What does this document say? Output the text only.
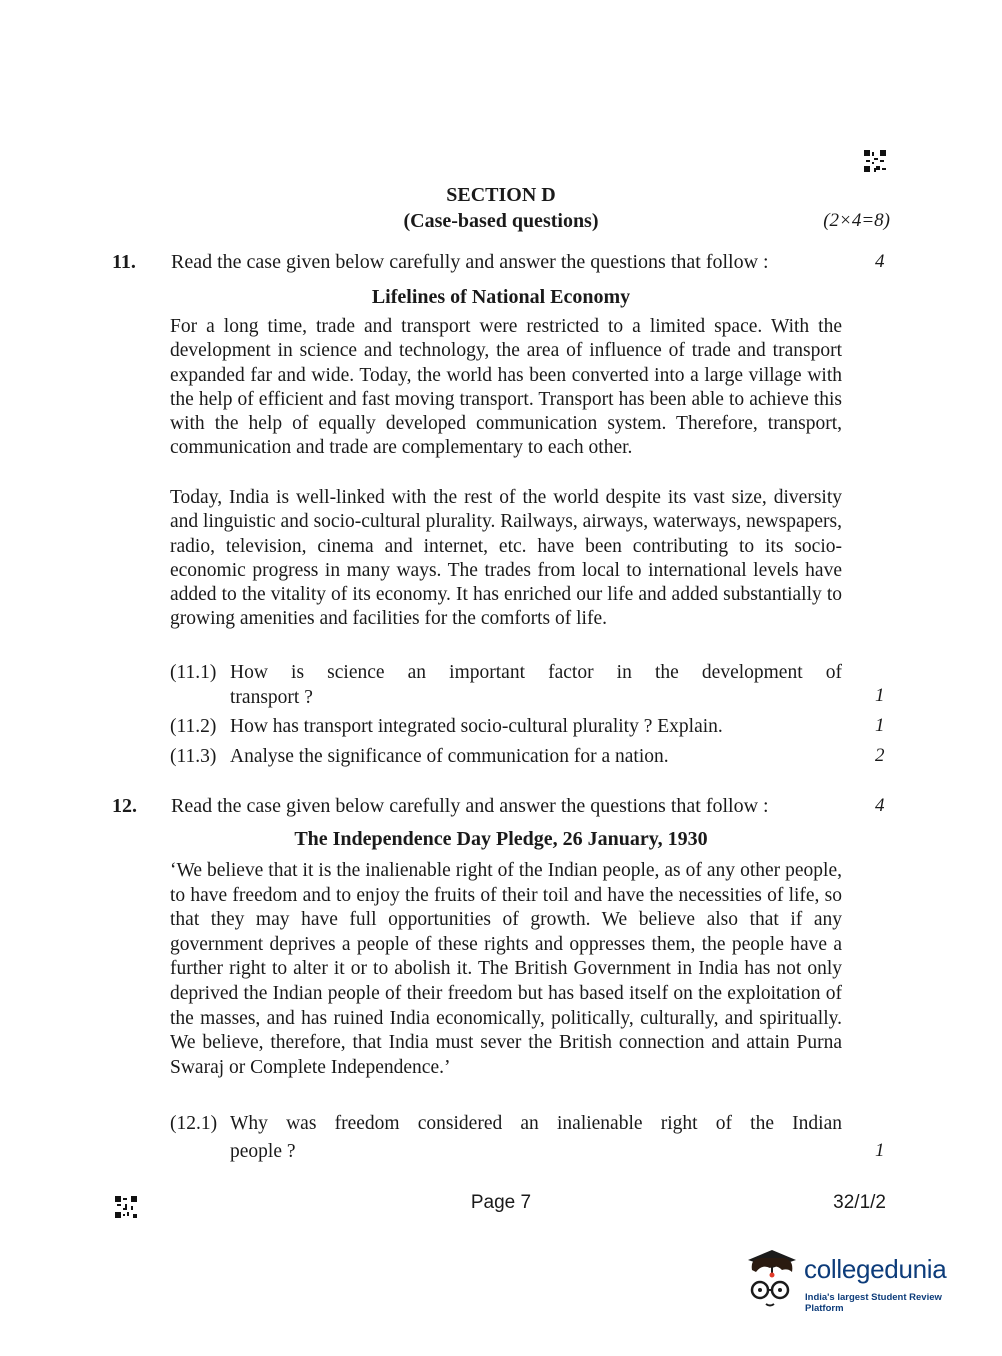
SECTION D
(Case-based questions)	(2×4=8)
11. Read the case given below carefully and answer the questions that follow :	4
Lifelines of National Economy

For a long time, trade and transport were restricted to a limited space. With the development in science and technology, the area of influence of trade and transport expanded far and wide. Today, the world has been converted into a large village with the help of efficient and fast moving transport. Transport has been able to achieve this with the help of equally developed communication system. Therefore, transport, communication and trade are complementary to each other.

Today, India is well-linked with the rest of the world despite its vast size, diversity and linguistic and socio-cultural plurality. Railways, airways, waterways, newspapers, radio, television, cinema and internet, etc. have been contributing to its socio-economic progress in many ways. The trades from local to international levels have added to the vitality of its economy. It has enriched our life and added substantially to growing amenities and facilities for the comforts of life.

(11.1) How is science an important factor in the development of
transport ?	1
(11.2) How has transport integrated socio-cultural plurality ? Explain.	1
(11.3) Analyse the significance of communication for a nation.	2
12. Read the case given below carefully and answer the questions that follow :	4
The Independence Day Pledge, 26 January, 1930

‘We believe that it is the inalienable right of the Indian people, as of any other people, to have freedom and to enjoy the fruits of their toil and have the necessities of life, so that they may have full opportunities of growth. We believe also that if any government deprives a people of these rights and oppresses them, the people have a further right to alter it or to abolish it. The British Government in India has not only deprived the Indian people of their freedom but has based itself on the exploitation of the masses, and has ruined India economically, politically, culturally, and spiritually. We believe, therefore, that India must sever the British connection and attain Purna Swaraj or Complete Independence.’

(12.1) Why was freedom considered an inalienable right of the Indian
people ?	1
Page 7	32/1/2
collegedunia
India's largest Student Review Platform
